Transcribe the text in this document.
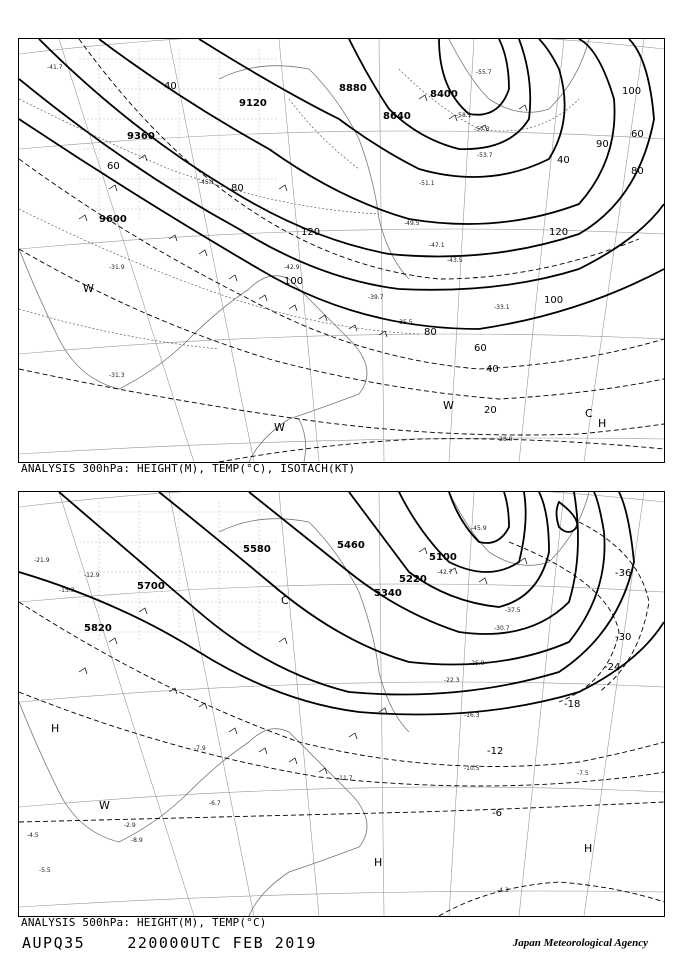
9600
9360
9120
8880
8640
8400
40
60
80
100
120
20
40
60
80
100
120
40
60
80
90
100
-41.7
-39.7
-35.5
-33.1
-31.9
-31.3
-28.9
-43.5
-47.1
-49.5
-51.1
-53.7
-55.7
-57.3
-58.1
-42.9
-45.1
W
W
W
C
H
ANALYSIS 300hPa: HEIGHT(M), TEMP(°C), ISOTACH(KT)
5820
5700
5580	5460
5340
5220
5100
-6
-12
-18
-24
-30
-36
-21.9
-15.3
-12.9
-5.5
-4.5
-8.9
-7.9
-10.5
-11.7
-16.3
-22.3
-25.9
-30.7
-37.5
-42.7
-45.9
-7.5
-4.3
-2.9
-6.7
H
W
C
H
H
ANALYSIS 500hPa: HEIGHT(M), TEMP(°C)
AUPQ35	220000UTC FEB 2019	Japan Meteorological Agency
